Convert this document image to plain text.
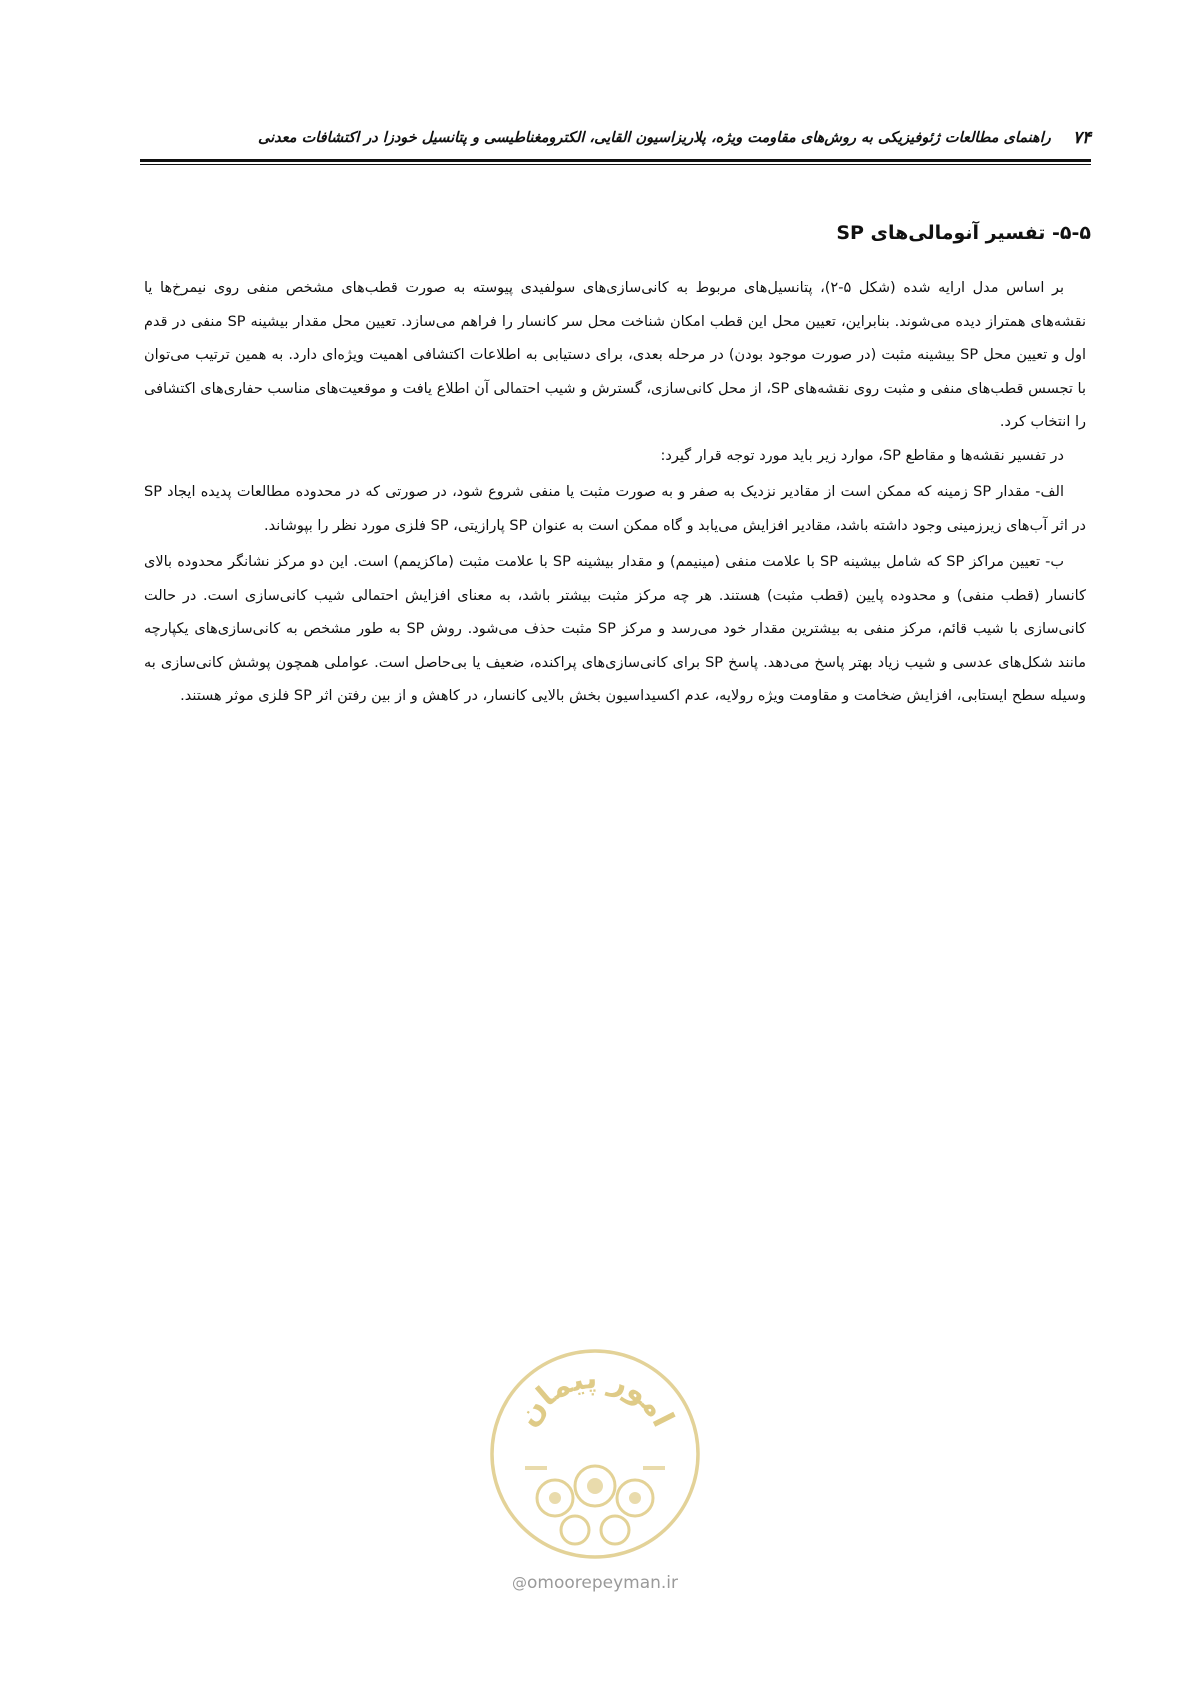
۷۴
راهنمای مطالعات ژئوفیزیکی به روش‌های مقاومت ویژه، پلاریزاسیون القایی، الکترومغناطیسی و پتانسیل خودزا در اکتشافات معدنی
۵-۵- تفسیر آنومالی‌های SP

بر اساس مدل ارایه شده (شکل ۵-۲)، پتانسیل‌های مربوط به کانی‌سازی‌های سولفیدی پیوسته به صورت قطب‌های مشخص منفی روی نیمرخ‌ها یا نقشه‌های همتراز دیده می‌شوند. بنابراین، تعیین محل این قطب امکان شناخت محل سر کانسار را فراهم می‌سازد. تعیین محل مقدار بیشینه SP منفی در قدم اول و تعیین محل SP بیشینه مثبت (در صورت موجود بودن) در مرحله بعدی، برای دستیابی به اطلاعات اکتشافی اهمیت ویژه‌ای دارد. به همین ترتیب می‌توان با تجسس قطب‌های منفی و مثبت روی نقشه‌های SP، از محل کانی‌سازی، گسترش و شیب احتمالی آن اطلاع یافت و موقعیت‌های مناسب حفاری‌های اکتشافی را انتخاب کرد.

در تفسیر نقشه‌ها و مقاطع SP، موارد زیر باید مورد توجه قرار گیرد:

الف- مقدار SP زمینه که ممکن است از مقادیر نزدیک به صفر و به صورت مثبت یا منفی شروع شود، در صورتی که در محدوده مطالعات پدیده ایجاد SP در اثر آب‌های زیرزمینی وجود داشته باشد، مقادیر افزایش می‌یابد و گاه ممکن است به عنوان SP پارازیتی، SP فلزی مورد نظر را بپوشاند.

ب- تعیین مراکز SP که شامل بیشینه SP با علامت منفی (مینیمم) و مقدار بیشینه SP با علامت مثبت (ماکزیمم) است. این دو مرکز نشانگر محدوده بالای کانسار (قطب منفی) و محدوده پایین (قطب مثبت) هستند. هر چه مرکز مثبت بیشتر باشد، به معنای افزایش احتمالی شیب کانی‌سازی است. در حالت کانی‌سازی با شیب قائم، مرکز منفی به بیشترین مقدار خود می‌رسد و مرکز SP مثبت حذف می‌شود. روش SP به طور مشخص به کانی‌سازی‌های یکپارچه مانند شکل‌های عدسی و شیب زیاد بهتر پاسخ می‌دهد. پاسخ SP برای کانی‌سازی‌های پراکنده، ضعیف یا بی‌حاصل است. عواملی همچون پوشش کانی‌سازی به وسیله سطح ایستابی، افزایش ضخامت و مقاومت ویژه رولایه، عدم اکسیداسیون بخش بالایی کانسار، در کاهش و از بین رفتن اثر SP فلزی موثر هستند.

امور پیمان
@omoorepeyman.ir
